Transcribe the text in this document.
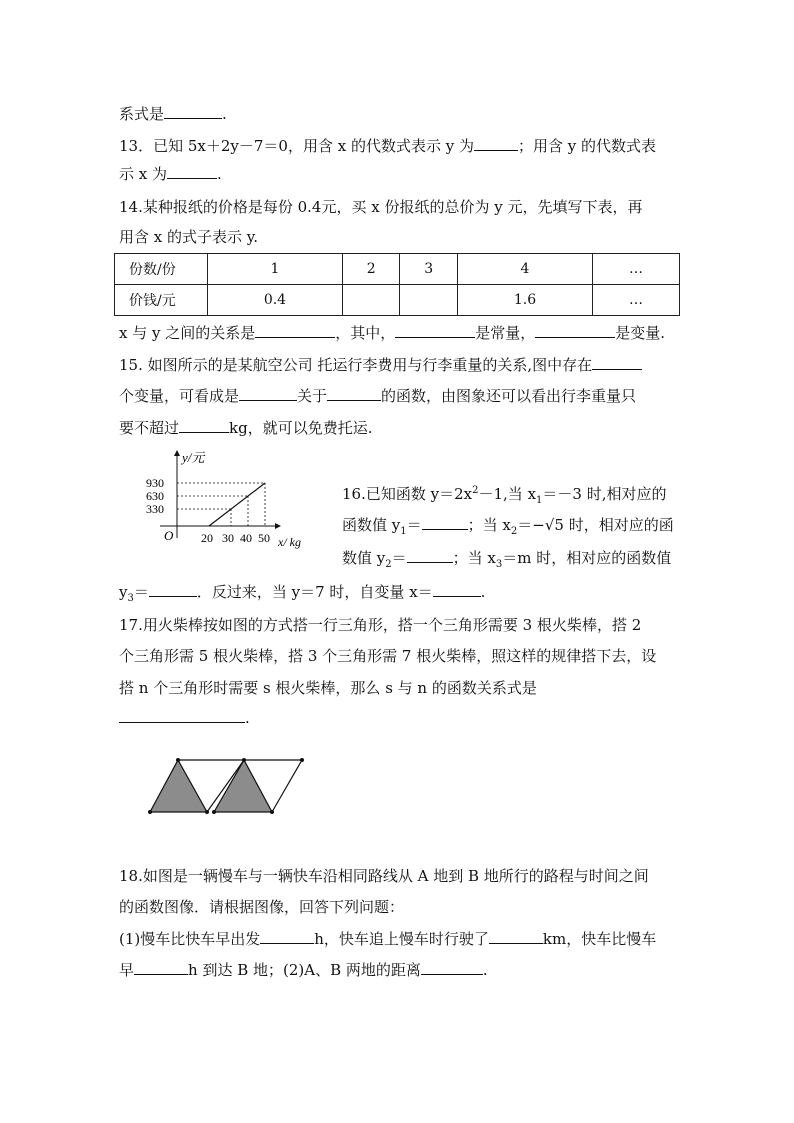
系式是	.
13．已知 5x＋2y－7＝0，用含 x 的代数式表示 y 为	；用含 y 的代数式表
示 x 为	.
14.某种报纸的价格是每份 0.4元，买 x 份报纸的总价为 y 元，先填写下表，再
用含 x 的式子表示 y.
份数/份	1	2	3	4	…
价钱/元	0.4			1.6	…
x 与 y 之间的关系是	，其中，	是常量，	是变量.
15. 如图所示的是某航空公司 托运行李费用与行李重量的关系,图中存在
个变量，可看成是	关于	的函数，由图象还可以看出行李重量只
要不超过	kg，就可以免费托运.
y/元
930
630
330
O 20 30 40 50 x/ kg
16.已知函数 $y=2x^2-1$,当 $x_1=-3$ 时,相对应的
函数值 $y_1=$	；当 $x_2=-√5$ 时，相对应的函
数值 $y_2=$	；当 $x_3=m$ 时，相对应的函数值
$y_3=$	．反过来，当 y＝7 时，自变量 x＝	.
17.用火柴棒按如图的方式搭一行三角形，搭一个三角形需要 3 根火柴棒，搭 2
个三角形需 5 根火柴棒，搭 3 个三角形需 7 根火柴棒，照这样的规律搭下去，设
搭 n 个三角形时需要 s 根火柴棒，那么 s 与 n 的函数关系式是
.
18.如图是一辆慢车与一辆快车沿相同路线从 A 地到 B 地所行的路程与时间之间
的函数图像．请根据图像，回答下列问题：
(1)慢车比快车早出发	h，快车追上慢车时行驶了	km，快车比慢车
早	h 到达 B 地；(2)A、B 两地的距离	.
